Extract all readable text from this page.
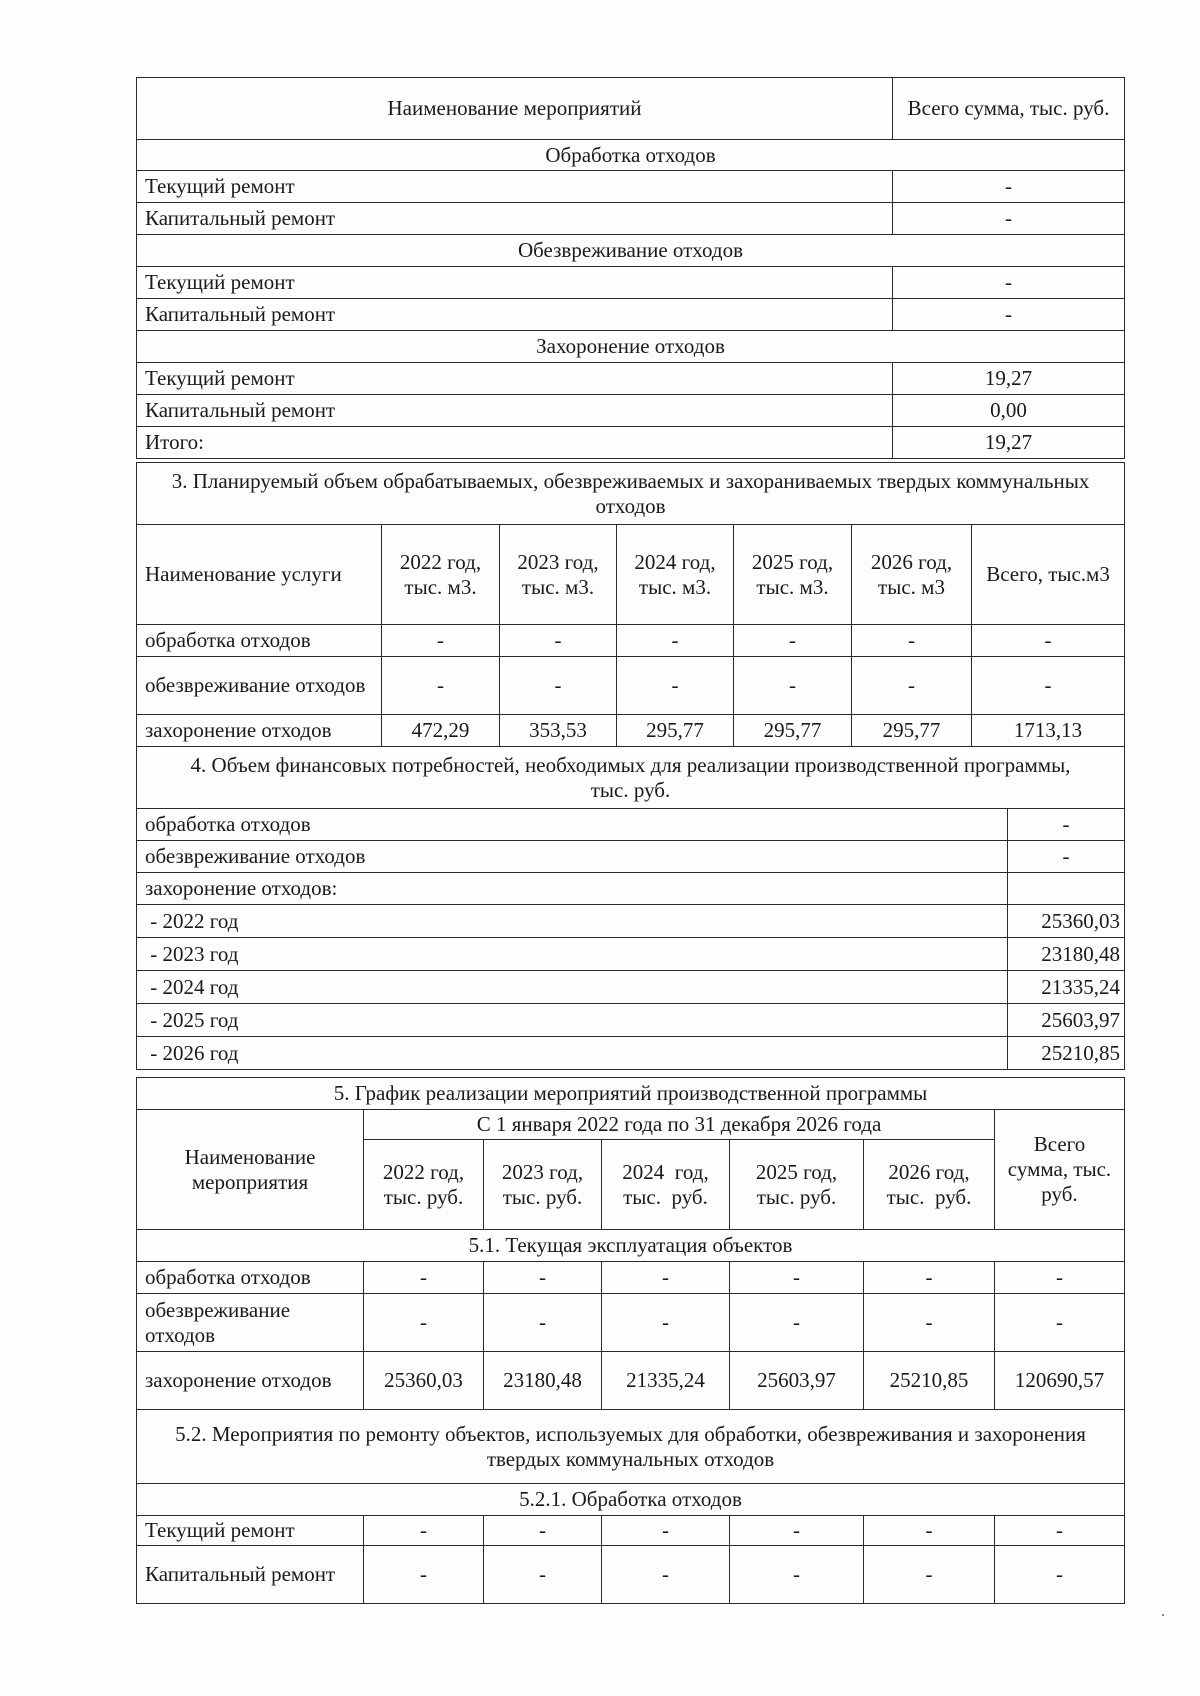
Наименование мероприятий	Всего сумма, тыс. руб.
Обработка отходов	
Текущий ремонт	-
Капитальный ремонт	-
Обезвреживание отходов	
Текущий ремонт	-
Капитальный ремонт	-
Захоронение отходов	
Текущий ремонт	19,27
Капитальный ремонт	0,00
Итого:	19,27
3. Планируемый объем обрабатываемых, обезвреживаемых и захораниваемых твердых коммунальных отходов						
Наименование услуги	2022 год, тыс. м3.	2023 год, тыс. м3.	2024 год, тыс. м3.	2025 год, тыс. м3.	2026 год, тыс. м3	Всего, тыс.м3
обработка отходов	-	-	-	-	-	-
обезвреживание отходов	-	-	-	-	-	-
захоронение отходов	472,29	353,53	295,77	295,77	295,77	1713,13
4. Объем финансовых потребностей, необходимых для реализации производственной программы, тыс. руб.	
обработка отходов	-
обезвреживание отходов	-
захоронение отходов:	
- 2022 год	25360,03
- 2023 год	23180,48
- 2024 год	21335,24
- 2025 год	25603,97
- 2026 год	25210,85
5. График реализации мероприятий производственной программы						
Наименование мероприятия	С 1 января 2022 года по 31 декабря 2026 года					Всего сумма, тыс. руб.
	2022 год, тыс. руб.	2023 год, тыс. руб.	2024  год, тыс.  руб.	2025 год, тыс. руб.	2026 год, тыс.  руб.	
5.1. Текущая эксплуатация объектов						
обработка отходов	-	-	-	-	-	-
обезвреживание отходов	-	-	-	-	-	-
захоронение отходов	25360,03	23180,48	21335,24	25603,97	25210,85	120690,57
5.2. Мероприятия по ремонту объектов, используемых для обработки, обезвреживания и захоронения твердых коммунальных отходов						
5.2.1. Обработка отходов						
Текущий ремонт	-	-	-	-	-	-
Капитальный ремонт	-	-	-	-	-	-
